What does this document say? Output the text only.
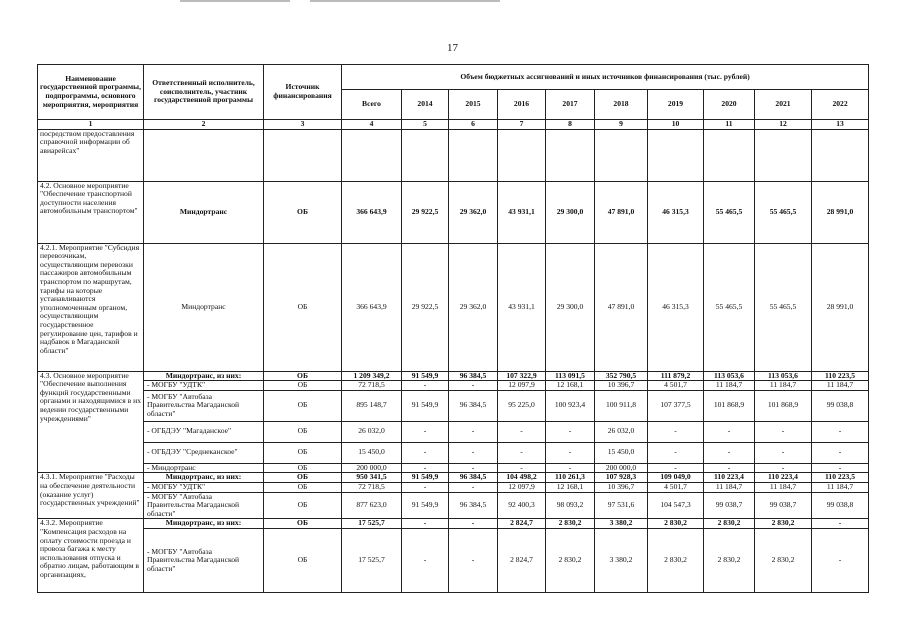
17
Наименование государственной программы, подпрограммы, основного мероприятия, мероприятия	Ответственный исполнитель, соисполнитель, участник государственной программы	Источник финансирования	Объем бюджетных ассигнований и иных источников финансирования (тыс. рублей)									
			Всего	2014	2015	2016	2017	2018	2019	2020	2021	2022
1	2	3	4	5	6	7	8	9	10	11	12	13
посредством предоставления справочной информации об авиарейсах"												
4.2. Основное мероприятие "Обеспечение транспортной доступности населения автомобильным транспортом"	Миндортранс	ОБ	366 643,9	29 922,5	29 362,0	43 931,1	29 300,0	47 891,0	46 315,3	55 465,5	55 465,5	28 991,0
4.2.1. Мероприятие "Субсидия перевозчикам, осуществляющим перевозки пассажиров автомобильным транспортом по маршрутам, тарифы на которые устанавливаются уполномоченным органом, осуществляющим государственное регулирование цен, тарифов и надбавок в Магаданской области"	Миндортранс	ОБ	366 643,9	29 922,5	29 362,0	43 931,1	29 300,0	47 891,0	46 315,3	55 465,5	55 465,5	28 991,0
4.3. Основное мероприятие "Обеспечение выполнения функций государственными органами и находящимися в их ведении государственными учреждениями"	Миндортранс, из них:	ОБ	1 209 349,2	91 549,9	96 384,5	107 322,9	113 091,5	352 790,5	111 879,2	113 053,6	113 053,6	110 223,5
	- МОГБУ "УДТК"	ОБ	72 718,5	-	-	12 097,9	12 168,1	10 396,7	4 501,7	11 184,7	11 184,7	11 184,7
	- МОГБУ "Автобаза Правительства Магаданской области"	ОБ	895 148,7	91 549,9	96 384,5	95 225,0	100 923,4	100 911,8	107 377,5	101 868,9	101 868,9	99 038,8
	- ОГБДЭУ "Магаданское"	ОБ	26 032,0	-	-	-	-	26 032,0	-	-	-	-
	- ОГБДЭУ "Среднеканское"	ОБ	15 450,0	-	-	-	-	15 450,0	-	-	-	-
	- Миндортранс	ОБ	200 000,0	-	-	-	-	200 000,0	-	-	-	-
4.3.1. Мероприятие "Расходы на обеспечение деятельности (оказание услуг) государственных учреждений"	Миндортранс, из них:	ОБ	950 341,5	91 549,9	96 384,5	104 498,2	110 261,3	107 928,3	109 049,0	110 223,4	110 223,4	110 223,5
	- МОГБУ "УДТК"	ОБ	72 718,5	-	-	12 097,9	12 168,1	10 396,7	4 501,7	11 184,7	11 184,7	11 184,7
	- МОГБУ "Автобаза Правительства Магаданской области"	ОБ	877 623,0	91 549,9	96 384,5	92 400,3	98 093,2	97 531,6	104 547,3	99 038,7	99 038,7	99 038,8
4.3.2. Мероприятие "Компенсация расходов на оплату стоимости проезда и провоза багажа к месту использования отпуска и обратно лицам, работающим в организациях,	Миндортранс, из них:	ОБ	17 525,7	-	-	2 824,7	2 830,2	3 380,2	2 830,2	2 830,2	2 830,2	-
	- МОГБУ "Автобаза Правительства Магаданской области"	ОБ	17 525,7	-	-	2 824,7	2 830,2	3 380,2	2 830,2	2 830,2	2 830,2	-
